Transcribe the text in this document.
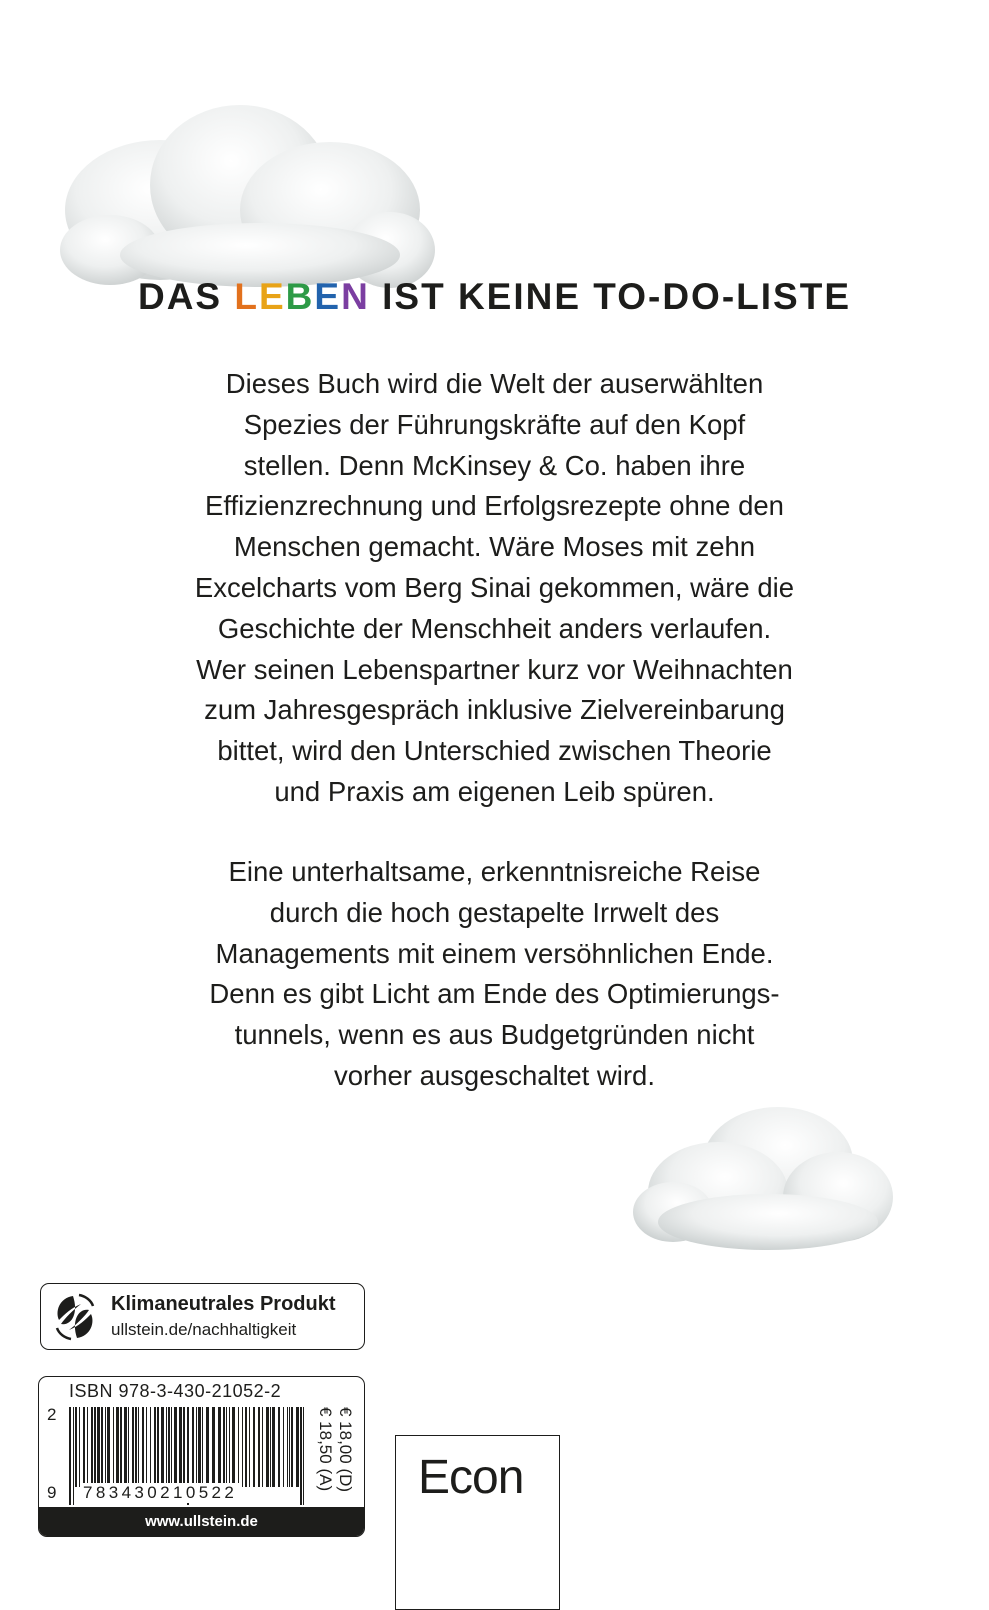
DAS LEBEN IST KEINE TO-DO-LISTE
Dieses Buch wird die Welt der auserwählten
Spezies der Führungskräfte auf den Kopf
stellen. Denn McKinsey & Co. haben ihre
Effizienzrechnung und Erfolgsrezepte ohne den
Menschen gemacht. Wäre Moses mit zehn
Excelcharts vom Berg Sinai gekommen, wäre die
Geschichte der Menschheit anders verlaufen.
Wer seinen Lebenspartner kurz vor Weihnachten
zum Jahresgespräch inklusive Zielvereinbarung
bittet, wird den Unterschied zwischen Theorie
und Praxis am eigenen Leib spüren.
Eine unterhaltsame, erkenntnisreiche Reise
durch die hoch gestapelte Irrwelt des
Managements mit einem versöhnlichen Ende.
Denn es gibt Licht am Ende des Optimierungs-
tunnels, wenn es aus Budgetgründen nicht
vorher ausgeschaltet wird.
Klimaneutrales Produkt
ullstein.de/nachhaltigkeit
ISBN 978-3-430-21052-2
2
9 783430210522
€ 18,00 (D)
€ 18,50 (A)
www.ullstein.de
Econ
